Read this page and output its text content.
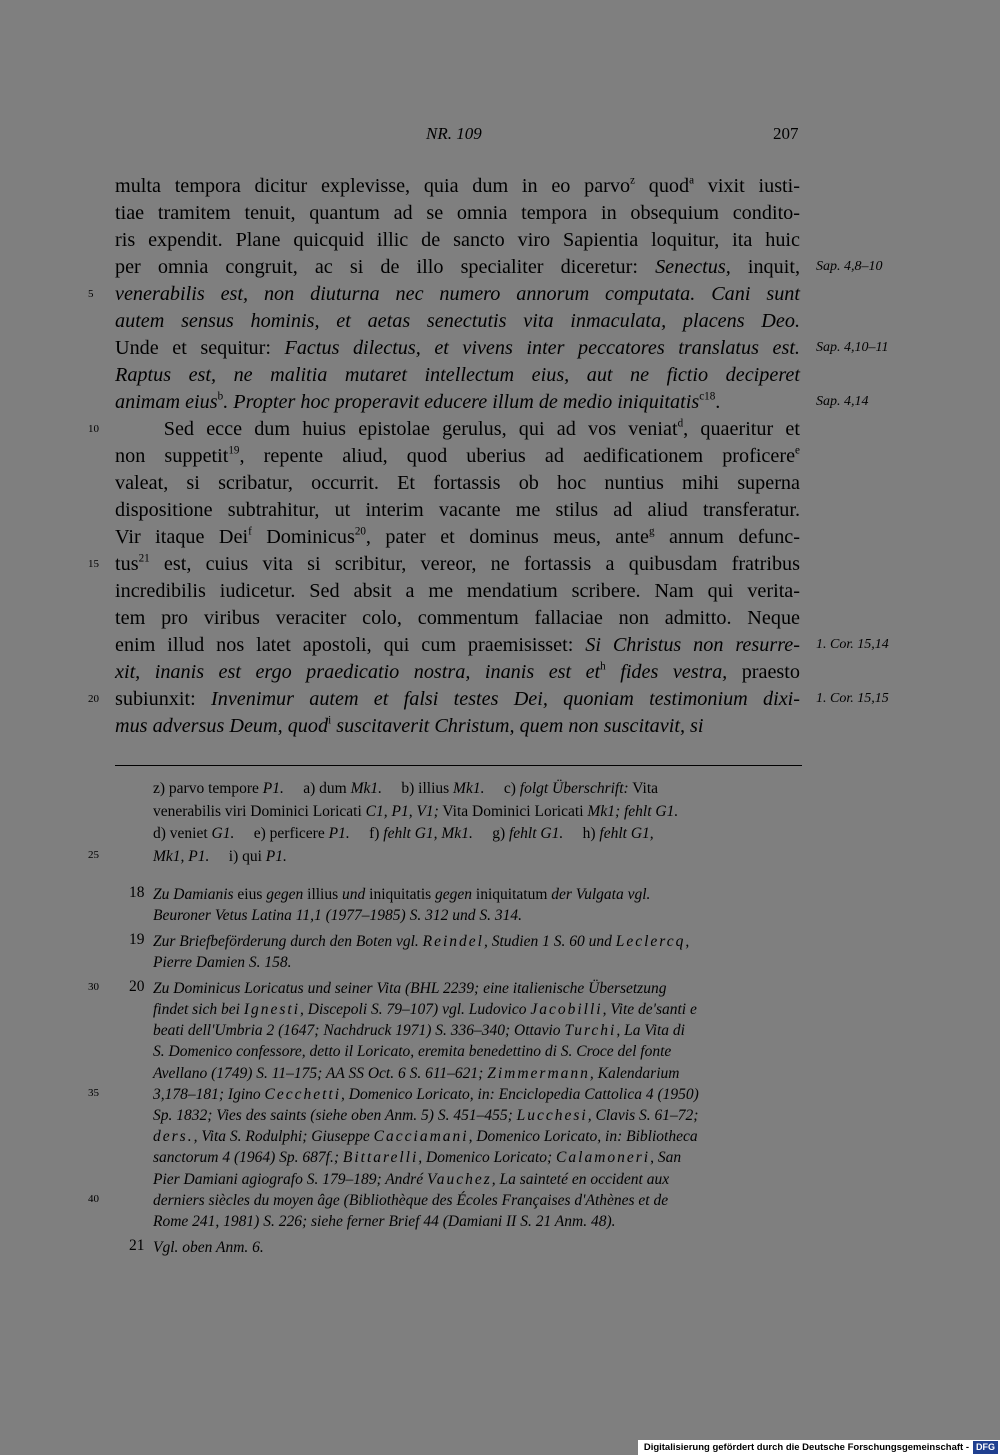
NR. 109	207
multa tempora dicitur explevisse, quia dum in eo parvo$^z$ quod$^a$ vixit iusti-
tiae tramitem tenuit, quantum ad se omnia tempora in obsequium condito-
ris expendit. Plane quicquid illic de sancto viro Sapientia loquitur, ita huic
per omnia congruit, ac si de illo specialiter diceretur: Senectus, inquit,
venerabilis est, non diuturna nec numero annorum computata. Cani sunt
5
autem sensus hominis, et aetas senectutis vita inmaculata, placens Deo.
Unde et sequitur: Factus dilectus, et vivens inter peccatores translatus est.
Raptus est, ne malitia mutaret intellectum eius, aut ne fictio deciperet
animam eius$^b$. Propter hoc properavit educere illum de medio iniquitatis$^{c18}$.
Sed ecce dum huius epistolae gerulus, qui ad vos veniat$^d$, quaeritur et
10
non suppetit$^{19}$, repente aliud, quod uberius ad aedificationem proficere$^e$
valeat, si scribatur, occurrit. Et fortassis ob hoc nuntius mihi superna
dispositione subtrahitur, ut interim vacante me stilus ad aliud transferatur.
Vir itaque Dei$^f$ Dominicus$^{20}$, pater et dominus meus, ante$^g$ annum defunc-
tus$^{21}$ est, cuius vita si scribitur, vereor, ne fortassis a quibusdam fratribus
15
incredibilis iudicetur. Sed absit a me mendatium scribere. Nam qui verita-
tem pro viribus veraciter colo, commentum fallaciae non admitto. Neque
enim illud nos latet apostoli, qui cum praemisisset: Si Christus non resurre-
xit, inanis est ergo praedicatio nostra, inanis est $et^h$ fides vestra, praesto
subiunxit: Invenimur autem et falsi testes Dei, quoniam testimonium dixi-
20
mus adversus Deum, quod$^i$ suscitaverit Christum, quem non suscitavit, si
Sap. 4,8–10
Sap. 4,10–11
Sap. 4,14
1. Cor. 15,14
1. Cor. 15,15
z) parvo tempore P1.     a) dum Mk1.     b) illius Mk1.     c) folgt Überschrift: Vita
venerabilis viri Dominici Loricati C1, P1, V1; Vita Dominici Loricati Mk1; fehlt G1.
d) veniet G1.     e) perficere P1.     f) fehlt G1, Mk1.     g) fehlt G1.     h) fehlt G1,
Mk1, P1.     i) qui P1.
25
18 Zu Damianis eius gegen illius und iniquitatis gegen iniquitatum der Vulgata vgl.
Beuroner Vetus Latina 11,1 (1977–1985) S. 312 und S. 314.
19 Zur Briefbeförderung durch den Boten vgl. Reindel, Studien 1 S. 60 und Leclercq,
Pierre Damien S. 158.
20 Zu Dominicus Loricatus und seiner Vita (BHL 2239; eine italienische Übersetzung
30
findet sich bei Ignesti, Discepoli S. 79–107) vgl. Ludovico Jacobilli, Vite de'santi e
beati dell'Umbria 2 (1647; Nachdruck 1971) S. 336–340; Ottavio Turchi, La Vita di
S. Domenico confessore, detto il Loricato, eremita benedettino di S. Croce del fonte
Avellano (1749) S. 11–175; AA SS Oct. 6 S. 611–621; Zimmermann, Kalendarium
3,178–181; Igino Cecchetti, Domenico Loricato, in: Enciclopedia Cattolica 4 (1950)
35
Sp. 1832; Vies des saints (siehe oben Anm. 5) S. 451–455; Lucchesi, Clavis S. 61–72;
ders., Vita S. Rodulphi; Giuseppe Cacciamani, Domenico Loricato, in: Bibliotheca
sanctorum 4 (1964) Sp. 687f.; Bittarelli, Domenico Loricato; Calamoneri, San
Pier Damiani agiografo S. 179–189; André Vauchez, La sainteté en occident aux
derniers siècles du moyen âge (Bibliothèque des Écoles Françaises d'Athènes et de
40
Rome 241, 1981) S. 226; siehe ferner Brief 44 (Damiani II S. 21 Anm. 48).
21 Vgl. oben Anm. 6.
Digitalisierung gefördert durch die Deutsche Forschungsgemeinschaft - DFG
